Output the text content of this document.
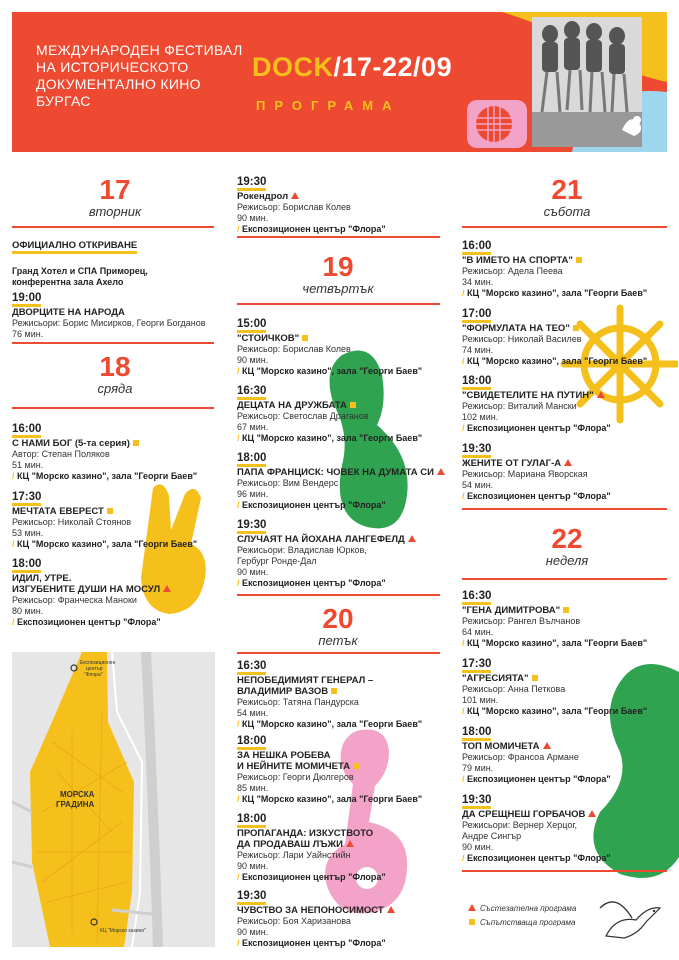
МЕЖДУНАРОДЕН ФЕСТИВАЛ
НА ИСТОРИЧЕСКОТО
ДОКУМЕНТАЛНО КИНО
БУРГАС
DOCK/17-22/09
ПРОГРАМА
17
вторник
ОФИЦИАЛНО ОТКРИВАНЕ
Гранд Хотел и СПА Приморец,
конферентна зала Ахело
19:00
ДВОРЦИТЕ НА НАРОДА
Режисьори: Борис Мисирков, Георги Богданов
76 мин.
18
сряда
16:00
С НАМИ БОГ (5-та серия)
Автор: Степан Поляков
51 мин.
/ КЦ "Морско казино", зала "Георги Баев"
17:30
МЕЧТАТА ЕВЕРЕСТ
Режисьор: Николай Стоянов
53 мин.
/ КЦ "Морско казино", зала "Георги Баев"
18:00
ИДИЛ, УТРЕ.
ИЗГУБЕНИТЕ ДУШИ НА МОСУЛ
Режисьор: Франческа Маноки
80 мин.
/ Експозиционен център "Флора"
Експозиционен
център
"Флора"
МОРСКА
ГРАДИНА
КЦ "Морско казино"
19:30
Рокендрол
Режисьор: Борислав Колев
90 мин.
/ Експозиционен център "Флора"
19
четвъртък
15:00
"СТОИЧКОВ"
Режисьор: Борислав Колев
90 мин.
/ КЦ "Морско казино", зала "Георги Баев"
16:30
ДЕЦАТА НА ДРУЖБАТА
Режисьор: Светослав Драганов
67 мин.
/ КЦ "Морско казино", зала "Георги Баев"
18:00
ПАПА ФРАНЦИСК: ЧОВЕК НА ДУМАТА СИ
Режисьор: Вим Вендерс
96 мин.
/ Експозиционен център "Флора"
19:30
СЛУЧАЯТ НА ЙОХАНА ЛАНГЕФЕЛД
Режисьори: Владислав Юрков,
Гербург Ронде-Дал
90 мин.
/ Експозиционен център "Флора"
20
петък
16:30
НЕПОБЕДИМИЯТ ГЕНЕРАЛ –
ВЛАДИМИР ВАЗОВ
Режисьор: Татяна Пандурска
54 мин.
/ КЦ "Морско казино", зала "Георги Баев"
18:00
ЗА НЕШКА РОБЕВА
И НЕЙНИТЕ МОМИЧЕТА
Режисьор: Георги Дюлгеров
85 мин.
/ КЦ "Морско казино", зала "Георги Баев"
18:00
ПРОПАГАНДА: ИЗКУСТВОТО
ДА ПРОДАВАШ ЛЪЖИ
Режисьор: Лари Уайнстийн
90 мин.
/ Експозиционен център "Флора"
19:30
ЧУВСТВО ЗА НЕПОНОСИМОСТ
Режисьор: Боя Харизанова
90 мин.
/ Експозиционен център "Флора"
21
събота
16:00
"В ИМЕТО НА СПОРТА"
Режисьор: Адела Пеева
34 мин.
/ КЦ "Морско казино", зала "Георги Баев"
17:00
"ФОРМУЛАТА НА ТЕО"
Режисьор: Николай Василев
74 мин.
/ КЦ "Морско казино", зала "Георги Баев"
18:00
"СВИДЕТЕЛИТЕ НА ПУТИН"
Режисьор: Виталий Мански
102 мин.
/ Експозиционен център "Флора"
19:30
ЖЕНИТЕ ОТ ГУЛАГ-А
Режисьор: Мариана Яворская
54 мин.
/ Експозиционен център "Флора"
22
неделя
16:30
"ГЕНА ДИМИТРОВА"
Режисьор: Рангел Вълчанов
64 мин.
/ КЦ "Морско казино", зала "Георги Баев"
17:30
"АГРЕСИЯТА"
Режисьор: Анна Петкова
101 мин.
/ КЦ "Морско казино", зала "Георги Баев"
18:00
ТОП МОМИЧЕТА
Режисьор: Франсоа Армане
79 мин.
/ Експозиционен център "Флора"
19:30
ДА СРЕЩНЕШ ГОРБАЧОВ
Режисьори: Вернер Херцог,
Андре Сингър
90 мин.
/ Експозиционен център "Флора"
Състезателна програма
Съпътстваща програма
